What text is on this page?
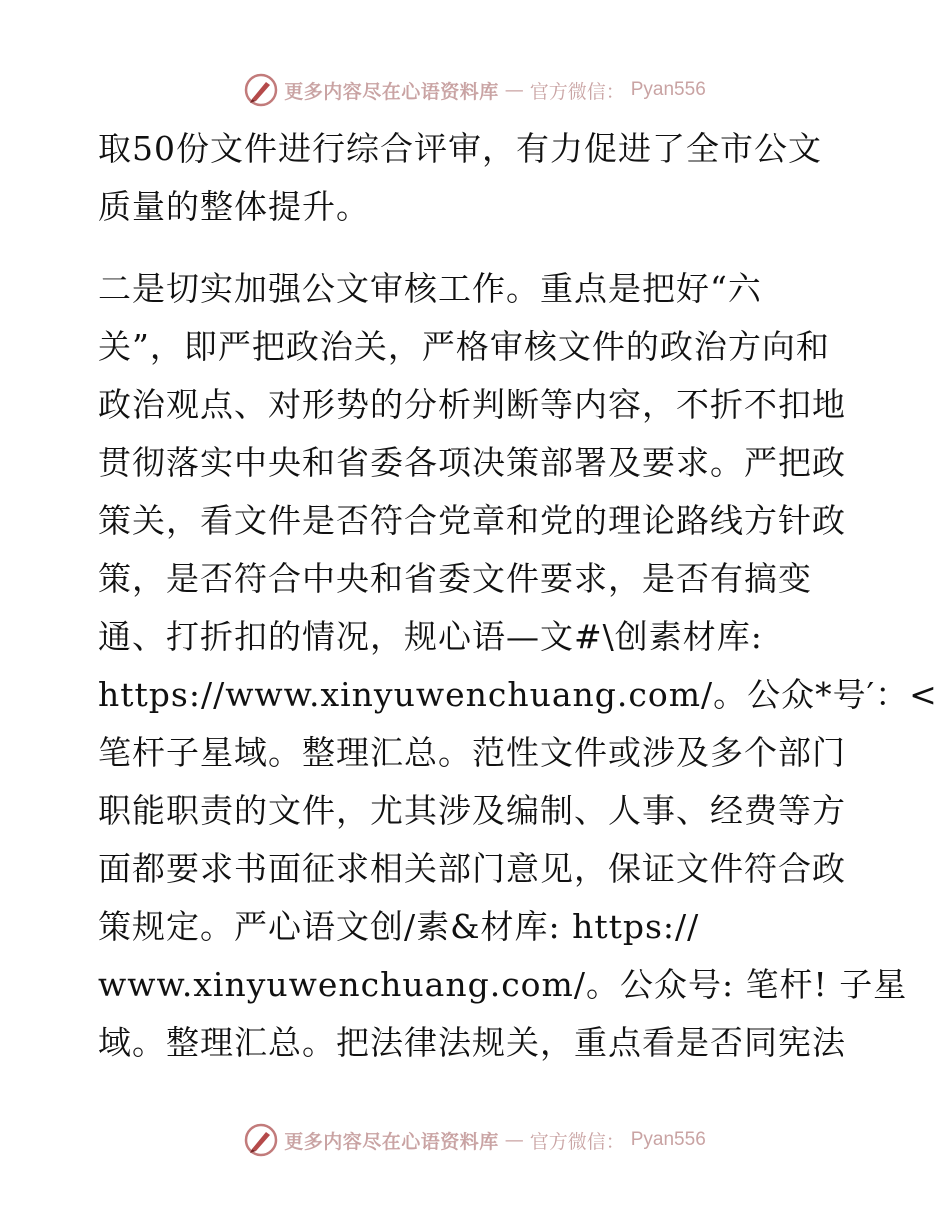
更多内容尽在心语资料库 — 官方微信： Pyan556
取50份文件进行综合评审，有力促进了全市公文
质量的整体提升。
二是切实加强公文审核工作。重点是把好“六
关”，即严把政治关，严格审核文件的政治方向和
政治观点、对形势的分析判断等内容，不折不扣地
贯彻落实中央和省委各项决策部署及要求。严把政
策关，看文件是否符合党章和党的理论路线方针政
策，是否符合中央和省委文件要求，是否有搞变
通、打折扣的情况，规心语—文#\创素材库:
https://www.xinyuwenchuang.com/。公众*号′：<
笔杆子星域。整理汇总。范性文件或涉及多个部门
职能职责的文件，尤其涉及编制、人事、经费等方
面都要求书面征求相关部门意见，保证文件符合政
策规定。严心语文创/素&材库: https://
www.xinyuwenchuang.com/。公众号: 笔杆! 子星
域。整理汇总。把法律法规关，重点看是否同宪法
更多内容尽在心语资料库 — 官方微信： Pyan556
